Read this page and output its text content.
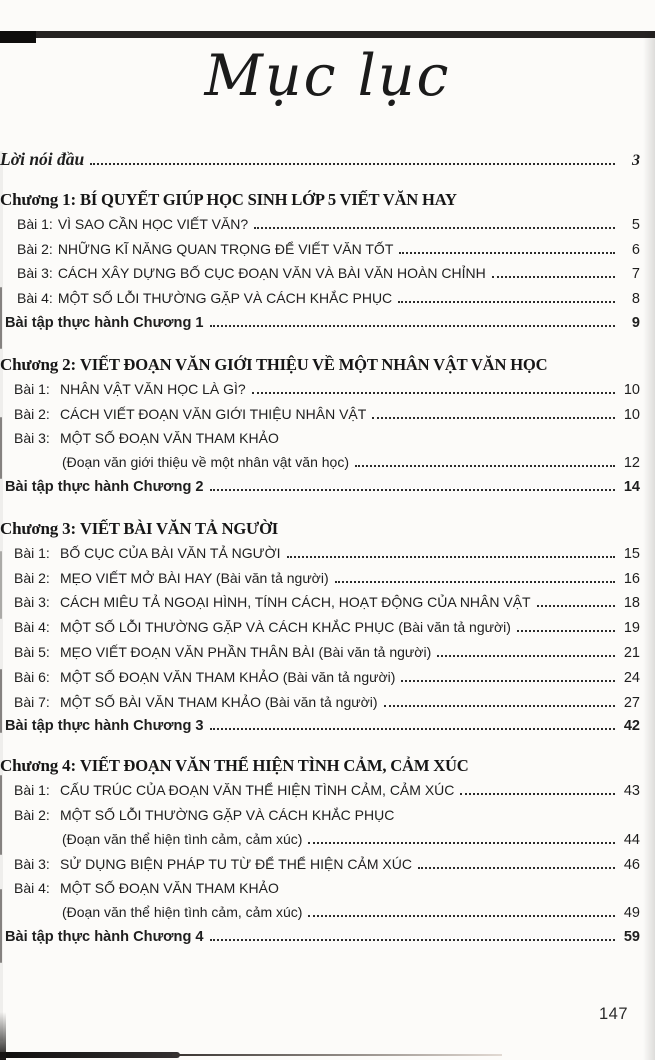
Mục lục
Lời nói đầu	3
Chương 1: BÍ QUYẾT GIÚP HỌC SINH LỚP 5 VIẾT VĂN HAY
Bài 1: VÌ SAO CẦN HỌC VIẾT VĂN?	5
Bài 2: NHỮNG KĨ NĂNG QUAN TRỌNG ĐỂ VIẾT VĂN TỐT	6
Bài 3: CÁCH XÂY DỰNG BỐ CỤC ĐOẠN VĂN VÀ BÀI VĂN HOÀN CHỈNH	7
Bài 4: MỘT SỐ LỖI THƯỜNG GẶP VÀ CÁCH KHẮC PHỤC	8
Bài tập thực hành Chương 1	9
Chương 2: VIẾT ĐOẠN VĂN GIỚI THIỆU VỀ MỘT NHÂN VẬT VĂN HỌC
Bài 1: NHÂN VẬT VĂN HỌC LÀ GÌ?	10
Bài 2: CÁCH VIẾT ĐOẠN VĂN GIỚI THIỆU NHÂN VẬT	10
Bài 3: MỘT SỐ ĐOẠN VĂN THAM KHẢO
(Đoạn văn giới thiệu về một nhân vật văn học)	12
Bài tập thực hành Chương 2	14
Chương 3: VIẾT BÀI VĂN TẢ NGƯỜI
Bài 1: BỐ CỤC CỦA BÀI VĂN TẢ NGƯỜI	15
Bài 2: MẸO VIẾT MỞ BÀI HAY (Bài văn tả người)	16
Bài 3: CÁCH MIÊU TẢ NGOẠI HÌNH, TÍNH CÁCH, HOẠT ĐỘNG CỦA NHÂN VẬT	18
Bài 4: MỘT SỐ LỖI THƯỜNG GẶP VÀ CÁCH KHẮC PHỤC (Bài văn tả người)	19
Bài 5: MẸO VIẾT ĐOẠN VĂN PHẦN THÂN BÀI (Bài văn tả người)	21
Bài 6: MỘT SỐ ĐOẠN VĂN THAM KHẢO (Bài văn tả người)	24
Bài 7: MỘT SỐ BÀI VĂN THAM KHẢO (Bài văn tả người)	27
Bài tập thực hành Chương 3	42
Chương 4: VIẾT ĐOẠN VĂN THỂ HIỆN TÌNH CẢM, CẢM XÚC
Bài 1: CẤU TRÚC CỦA ĐOẠN VĂN THỂ HIỆN TÌNH CẢM, CẢM XÚC	43
Bài 2: MỘT SỐ LỖI THƯỜNG GẶP VÀ CÁCH KHẮC PHỤC
(Đoạn văn thể hiện tình cảm, cảm xúc)	44
Bài 3: SỬ DỤNG BIỆN PHÁP TU TỪ ĐỂ THỂ HIỆN CẢM XÚC	46
Bài 4: MỘT SỐ ĐOẠN VĂN THAM KHẢO
(Đoạn văn thể hiện tình cảm, cảm xúc)	49
Bài tập thực hành Chương 4	59
147
